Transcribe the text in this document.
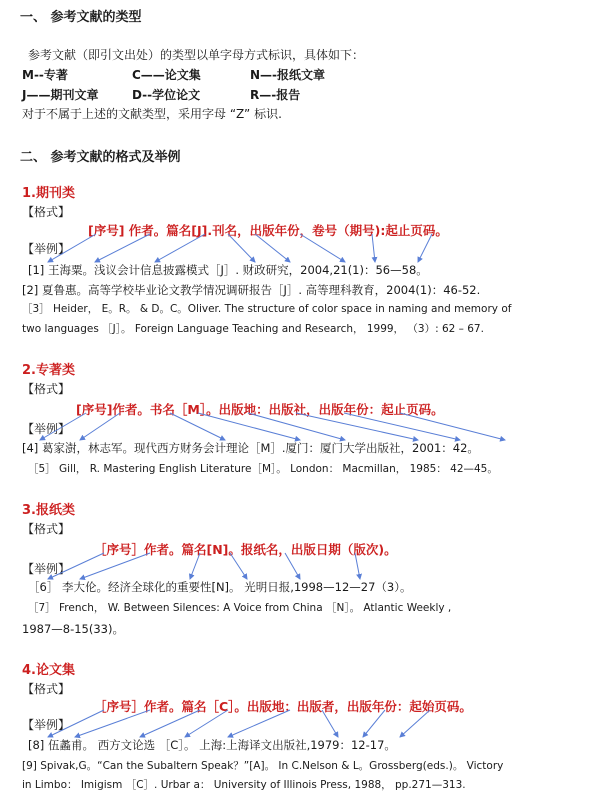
一、 参考文献的类型
参考文献（即引文出处）的类型以单字母方式标识，具体如下：
M--专著	C——论文集	N—-报纸文章
J——期刊文章	D--学位论文	R—-报告
对于不属于上述的文献类型，采用字母 “Z” 标识.
二、 参考文献的格式及举例
1.期刊类
【格式】
[序号] 作者。篇名[J].刊名，出版年份，卷号（期号):起止页码。
【举例】
[1] 王海粟。浅议会计信息披露模式［J］. 财政研究，2004,21(1)：56—58。
[2] 夏鲁惠。高等学校毕业论文教学情况调研报告［J］. 高等理科教育，2004(1)：46-52.
［3］ Heider， E。R。 & D。C。Oliver. The structure of color space in naming and memory of
two languages ［J］。 Foreign Language Teaching and Research， 1999， （3）: 62 – 67.
2.专著类
【格式】
[序号]作者。书名［M］。出版地：出版社，出版年份：起止页码。
【举例】
[4] 葛家澍，林志军。现代西方财务会计理论［M］.厦门：厦门大学出版社，2001：42。
［5］ Gill， R. Mastering English Literature［M］。 London： Macmillan， 1985： 42—45。
3.报纸类
【格式】
［序号］作者。篇名[N]。报纸名，出版日期（版次)。
【举例】
［6］ 李大伦。经济全球化的重要性[N]。 光明日报,1998—12—27（3）。
［7］ French， W. Between Silences: A Voice from China ［N］。 Atlantic Weekly ,
1987—8-15(33)。
4.论文集
【格式】
［序号］作者。篇名［C］。出版地：出版者，出版年份：起始页码。
【举例】
[8] 伍蠡甫。 西方文论选 ［C］。 上海:上海译文出版社,1979：12-17。
[9] Spivak,G。“Can the Subaltern Speak？”[A]。 In C.Nelson & L。Grossberg(eds.)。 Victory
in Limbo： Imigism ［C］. Urbar a： University of Illinois Press, 1988， pp.271—313.
